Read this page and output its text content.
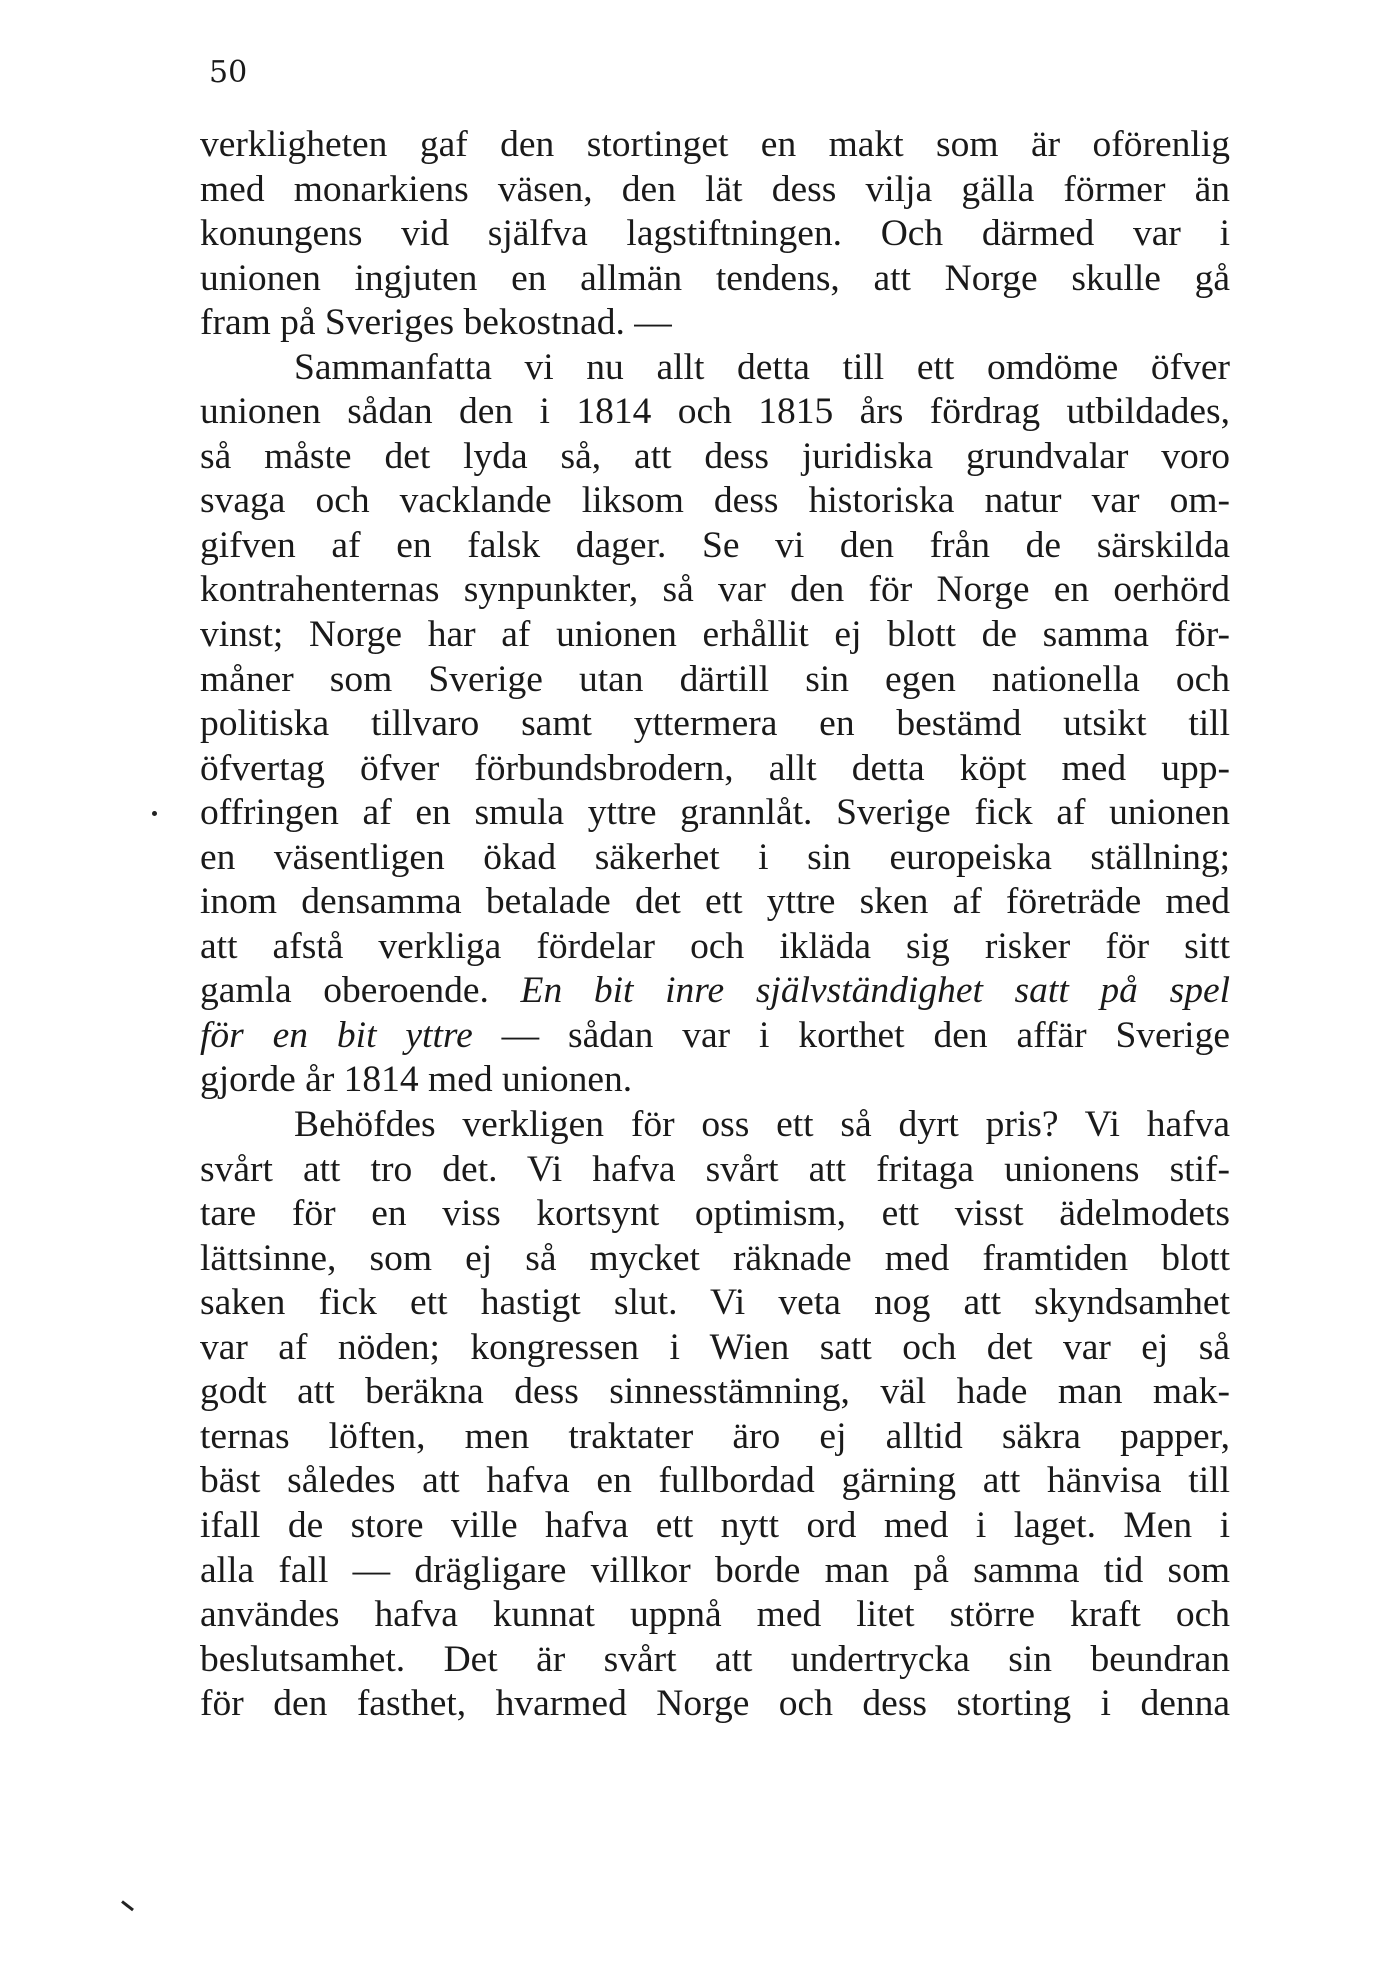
50
verkligheten gaf den stortinget en makt som är oförenlig
med monarkiens väsen, den lät dess vilja gälla förmer än
konungens vid själfva lagstiftningen. Och därmed var i
unionen ingjuten en allmän tendens, att Norge skulle gå
fram på Sveriges bekostnad. —
Sammanfatta vi nu allt detta till ett omdöme öfver
unionen sådan den i 1814 och 1815 års fördrag utbildades,
så måste det lyda så, att dess juridiska grundvalar voro
svaga och vacklande liksom dess historiska natur var om-
gifven af en falsk dager. Se vi den från de särskilda
kontrahenternas synpunkter, så var den för Norge en oerhörd
vinst; Norge har af unionen erhållit ej blott de samma för-
måner som Sverige utan därtill sin egen nationella och
politiska tillvaro samt yttermera en bestämd utsikt till
öfvertag öfver förbundsbrodern, allt detta köpt med upp-
offringen af en smula yttre grannlåt. Sverige fick af unionen
en väsentligen ökad säkerhet i sin europeiska ställning;
inom densamma betalade det ett yttre sken af företräde med
att afstå verkliga fördelar och ikläda sig risker för sitt
gamla oberoende. En bit inre självständighet satt på spel
för en bit yttre — sådan var i korthet den affär Sverige
gjorde år 1814 med unionen.
Behöfdes verkligen för oss ett så dyrt pris? Vi hafva
svårt att tro det. Vi hafva svårt att fritaga unionens stif-
tare för en viss kortsynt optimism, ett visst ädelmodets
lättsinne, som ej så mycket räknade med framtiden blott
saken fick ett hastigt slut. Vi veta nog att skyndsamhet
var af nöden; kongressen i Wien satt och det var ej så
godt att beräkna dess sinnesstämning, väl hade man mak-
ternas löften, men traktater äro ej alltid säkra papper,
bäst således att hafva en fullbordad gärning att hänvisa till
ifall de store ville hafva ett nytt ord med i laget. Men i
alla fall — drägligare villkor borde man på samma tid som
användes hafva kunnat uppnå med litet större kraft och
beslutsamhet. Det är svårt att undertrycka sin beundran
för den fasthet, hvarmed Norge och dess storting i denna
